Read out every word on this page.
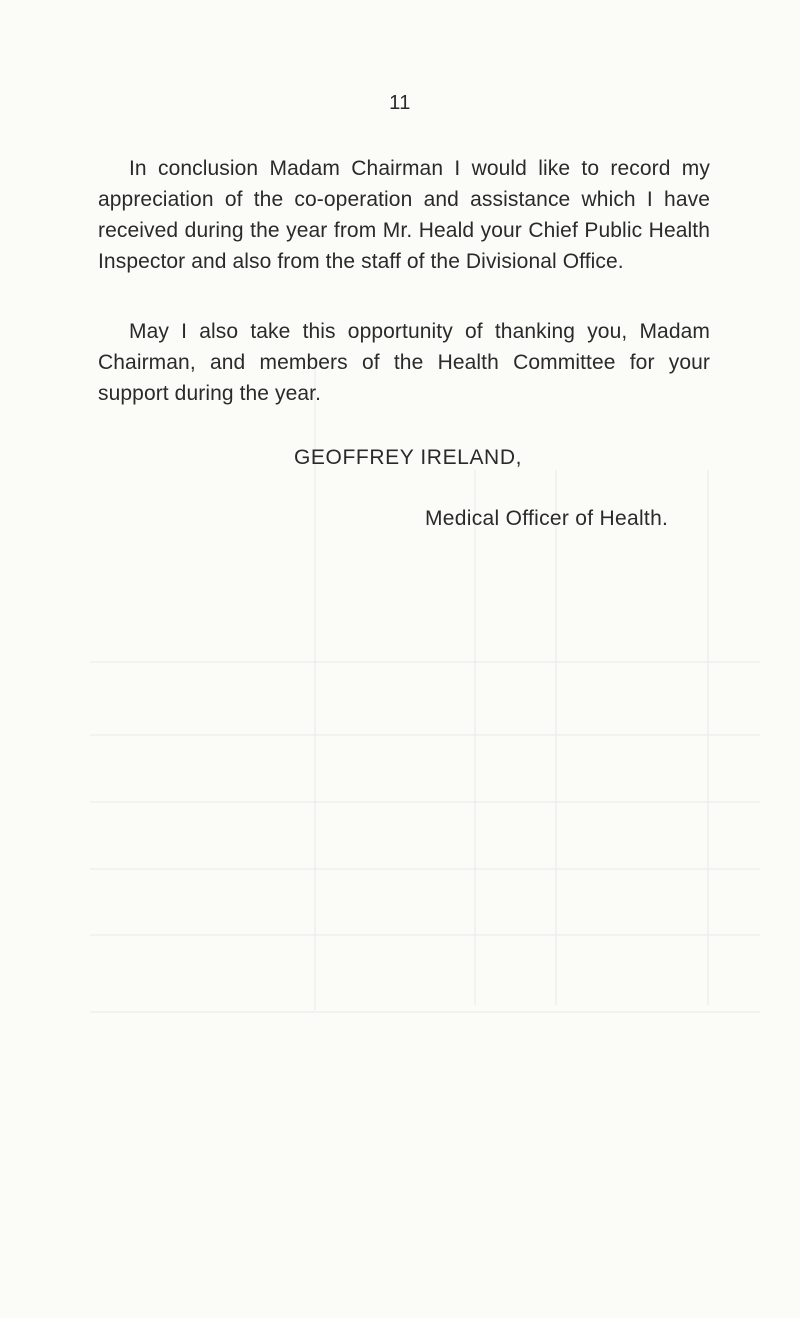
11

In conclusion Madam Chairman I would like to record my appreciation of the co-operation and assistance which I have received during the year from Mr. Heald your Chief Public Health Inspector and also from the staff of the Divisional Office.

May I also take this opportunity of thanking you, Madam Chairman, and members of the Health Committee for your support during the year.

GEOFFREY IRELAND,
Medical Officer of Health.
